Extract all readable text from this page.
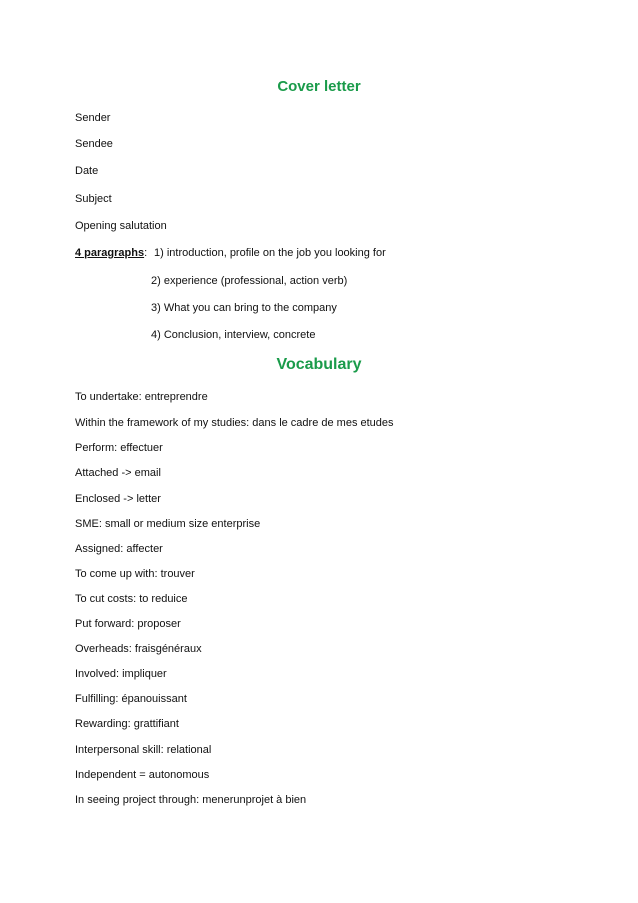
Cover letter

Sender

Sendee

Date

Subject

Opening salutation

4 paragraphs: 1) introduction, profile on the job you looking for

2) experience (professional, action verb)

3) What you can bring to the company

4) Conclusion, interview, concrete

Vocabulary

To undertake: entreprendre

Within the framework of my studies: dans le cadre de mes etudes

Perform: effectuer

Attached -> email

Enclosed -> letter

SME: small or medium size enterprise

Assigned: affecter

To come up with: trouver

To cut costs: to reduice

Put forward: proposer

Overheads: fraisgénéraux

Involved: impliquer

Fulfilling: épanouissant

Rewarding: grattifiant

Interpersonal skill: relational

Independent = autonomous

In seeing project through: menerunprojet à bien
